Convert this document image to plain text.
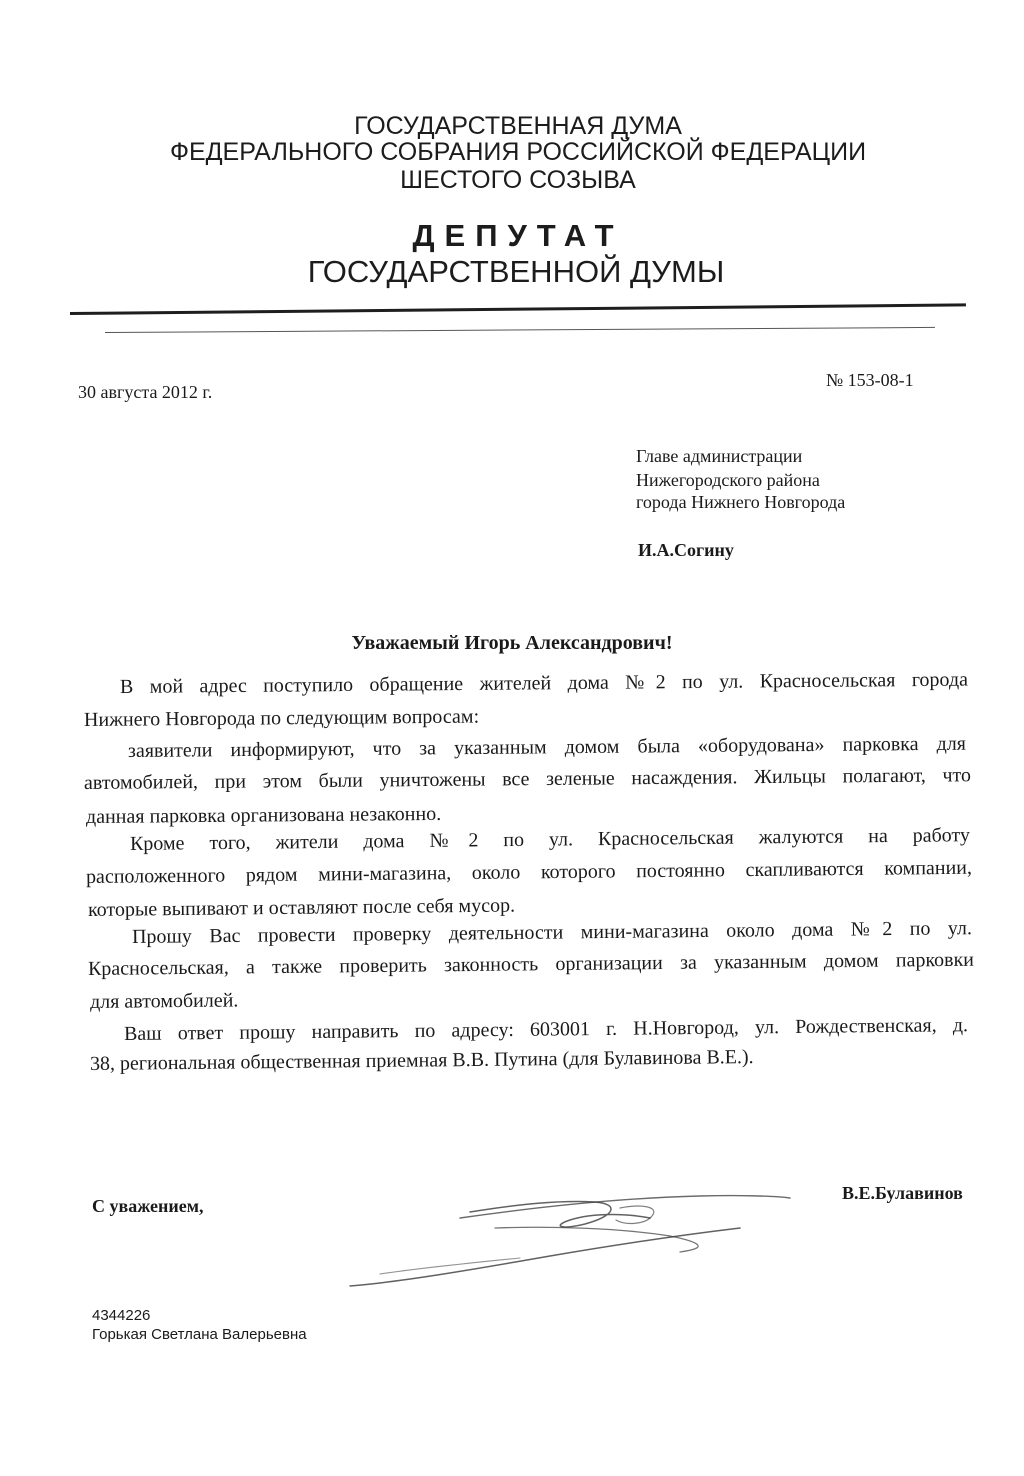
ГОСУДАРСТВЕННАЯ ДУМА
ФЕДЕРАЛЬНОГО СОБРАНИЯ РОССИЙСКОЙ ФЕДЕРАЦИИ
ШЕСТОГО СОЗЫВА
ДЕПУТАТ
ГОСУДАРСТВЕННОЙ ДУМЫ
30 августа 2012 г.
№ 153-08-1
Главе администрации
Нижегородского района
города Нижнего Новгорода
И.А.Согину
Уважаемый Игорь Александрович!
В мой адрес поступило обращение жителей дома №2 по ул. Красносельская города
Нижнего Новгорода по следующим вопросам:
заявители информируют, что за указанным домом была «оборудована» парковка для
автомобилей, при этом были уничтожены все зеленые насаждения. Жильцы полагают, что
данная парковка организована незаконно.
Кроме того, жители дома №2 по ул. Красносельская жалуются на работу
расположенного рядом мини-магазина, около которого постоянно скапливаются компании,
которые выпивают и оставляют после себя мусор.
Прошу Вас провести проверку деятельности мини-магазина около дома №2 по ул.
Красносельская, а также проверить законность организации за указанным домом парковки
для автомобилей.
Ваш ответ прошу направить по адресу: 603001 г. Н.Новгород, ул. Рождественская, д.
38, региональная общественная приемная В.В. Путина (для Булавинова В.Е.).
С уважением,
В.Е.Булавинов
4344226
Горькая Светлана Валерьевна
